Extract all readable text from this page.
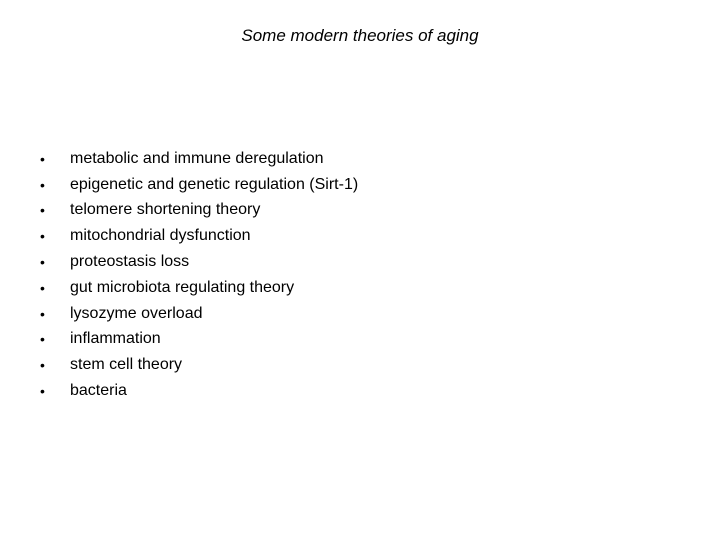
Some modern theories of aging
•	metabolic and immune deregulation
•	epigenetic and genetic regulation (Sirt-1)
•	telomere shortening theory
•	mitochondrial dysfunction
•	proteostasis loss
•	gut microbiota regulating theory
•	lysozyme overload
•	inflammation
•	stem cell theory
•	bacteria
